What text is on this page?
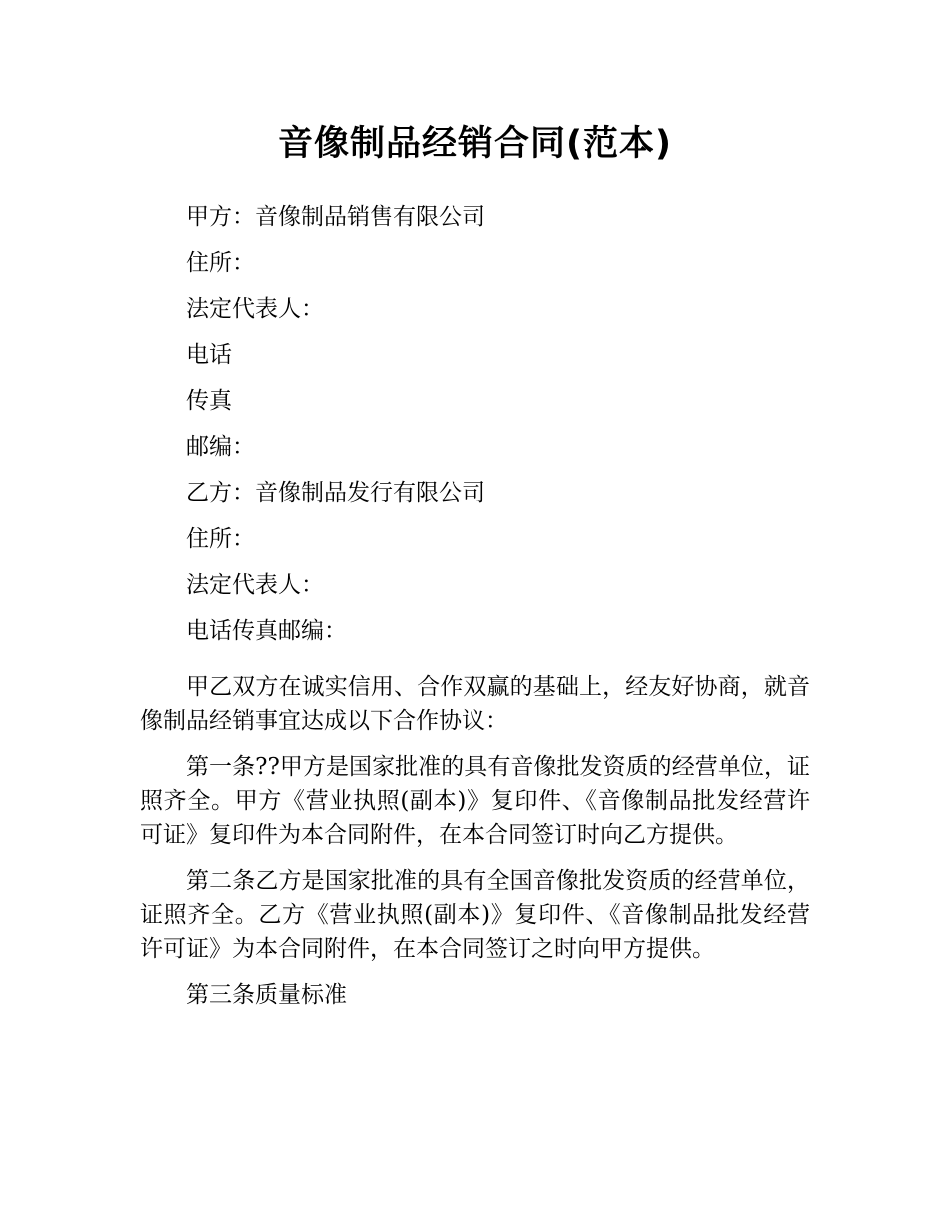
音像制品经销合同(范本)
甲方：音像制品销售有限公司
住所：
法定代表人：
电话
传真
邮编：
乙方：音像制品发行有限公司
住所：
法定代表人：
电话传真邮编：

甲乙双方在诚实信用、合作双赢的基础上，经友好协商，就音像制品经销事宜达成以下合作协议：

第一条??甲方是国家批准的具有音像批发资质的经营单位，证照齐全。甲方《营业执照(副本)》复印件、《音像制品批发经营许可证》复印件为本合同附件，在本合同签订时向乙方提供。

第二条乙方是国家批准的具有全国音像批发资质的经营单位，证照齐全。乙方《营业执照(副本)》复印件、《音像制品批发经营许可证》为本合同附件，在本合同签订之时向甲方提供。

第三条质量标准
